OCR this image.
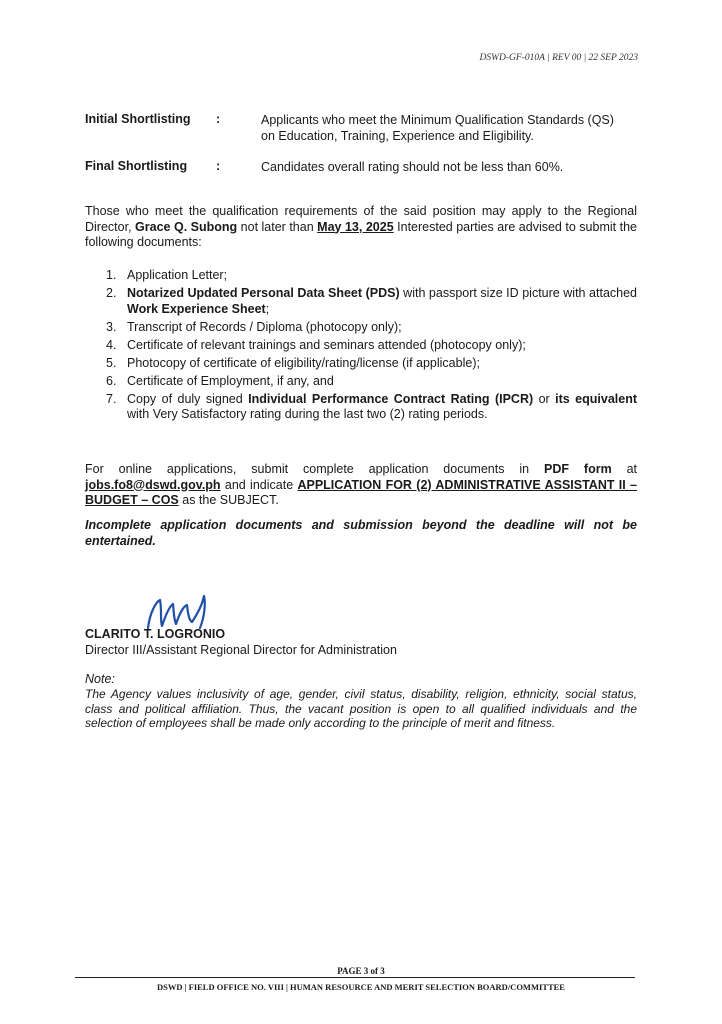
DSWD-GF-010A | REV 00 | 22 SEP 2023
Initial Shortlisting :	Applicants who meet the Minimum Qualification Standards (QS) on Education, Training, Experience and Eligibility.
Final Shortlisting :	Candidates overall rating should not be less than 60%.

Those who meet the qualification requirements of the said position may apply to the Regional Director, Grace Q. Subong not later than May 13, 2025 Interested parties are advised to submit the following documents:

1. Application Letter;
2. Notarized Updated Personal Data Sheet (PDS) with passport size ID picture with attached Work Experience Sheet;
3. Transcript of Records / Diploma (photocopy only);
4. Certificate of relevant trainings and seminars attended (photocopy only);
5. Photocopy of certificate of eligibility/rating/license (if applicable);
6. Certificate of Employment, if any, and
7. Copy of duly signed Individual Performance Contract Rating (IPCR) or its equivalent with Very Satisfactory rating during the last two (2) rating periods.

For online applications, submit complete application documents in PDF form at jobs.fo8@dswd.gov.ph and indicate APPLICATION FOR (2) ADMINISTRATIVE ASSISTANT II – BUDGET – COS as the SUBJECT.

Incomplete application documents and submission beyond the deadline will not be entertained.

CLARITO T. LOGRONIO
Director III/Assistant Regional Director for Administration
Note:

The Agency values inclusivity of age, gender, civil status, disability, religion, ethnicity, social status, class and political affiliation. Thus, the vacant position is open to all qualified individuals and the selection of employees shall be made only according to the principle of merit and fitness.

PAGE 3 of 3
DSWD | FIELD OFFICE NO. VIII | HUMAN RESOURCE AND MERIT SELECTION BOARD/COMMITTEE
